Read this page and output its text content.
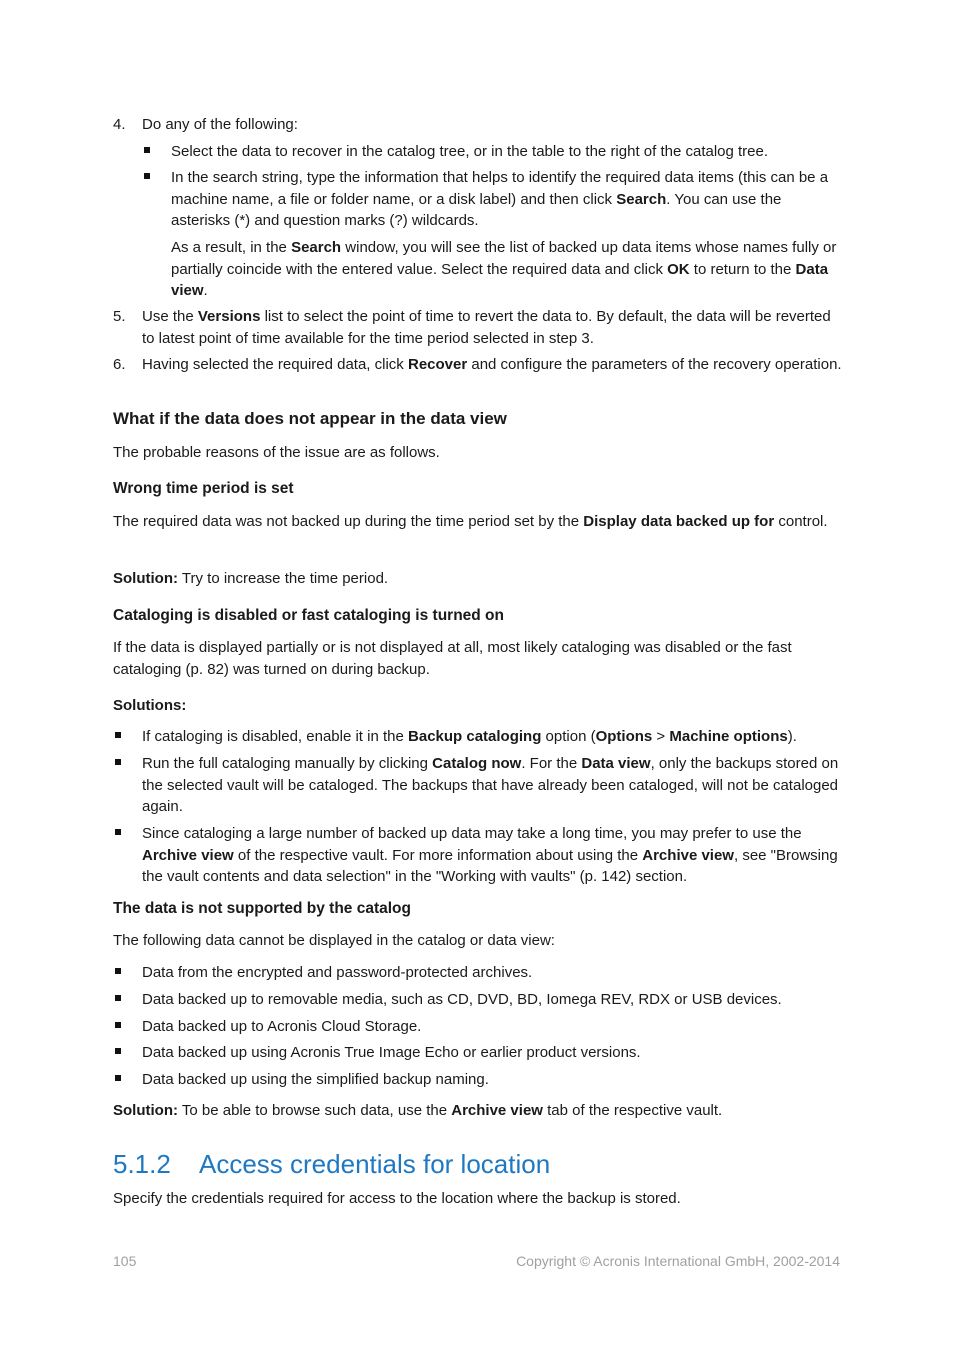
4. Do any of the following:

Select the data to recover in the catalog tree, or in the table to the right of the catalog tree.

In the search string, type the information that helps to identify the required data items (this can be a machine name, a file or folder name, or a disk label) and then click Search. You can use the asterisks (*) and question marks (?) wildcards.

As a result, in the Search window, you will see the list of backed up data items whose names fully or partially coincide with the entered value. Select the required data and click OK to return to the Data view.

5. Use the Versions list to select the point of time to revert the data to. By default, the data will be reverted to latest point of time available for the time period selected in step 3.

6. Having selected the required data, click Recover and configure the parameters of the recovery operation.

What if the data does not appear in the data view

The probable reasons of the issue are as follows.

Wrong time period is set

The required data was not backed up during the time period set by the Display data backed up for control.

Solution: Try to increase the time period.

Cataloging is disabled or fast cataloging is turned on

If the data is displayed partially or is not displayed at all, most likely cataloging was disabled or the fast cataloging (p. 82) was turned on during backup.

Solutions:

If cataloging is disabled, enable it in the Backup cataloging option (Options > Machine options).

Run the full cataloging manually by clicking Catalog now. For the Data view, only the backups stored on the selected vault will be cataloged. The backups that have already been cataloged, will not be cataloged again.

Since cataloging a large number of backed up data may take a long time, you may prefer to use the Archive view of the respective vault. For more information about using the Archive view, see "Browsing the vault contents and data selection" in the "Working with vaults" (p. 142) section.

The data is not supported by the catalog

The following data cannot be displayed in the catalog or data view:

Data from the encrypted and password-protected archives.

Data backed up to removable media, such as CD, DVD, BD, Iomega REV, RDX or USB devices.

Data backed up to Acronis Cloud Storage.

Data backed up using Acronis True Image Echo or earlier product versions.

Data backed up using the simplified backup naming.

Solution: To be able to browse such data, use the Archive view tab of the respective vault.

5.1.2 Access credentials for location

Specify the credentials required for access to the location where the backup is stored.

105	Copyright © Acronis International GmbH, 2002-2014
